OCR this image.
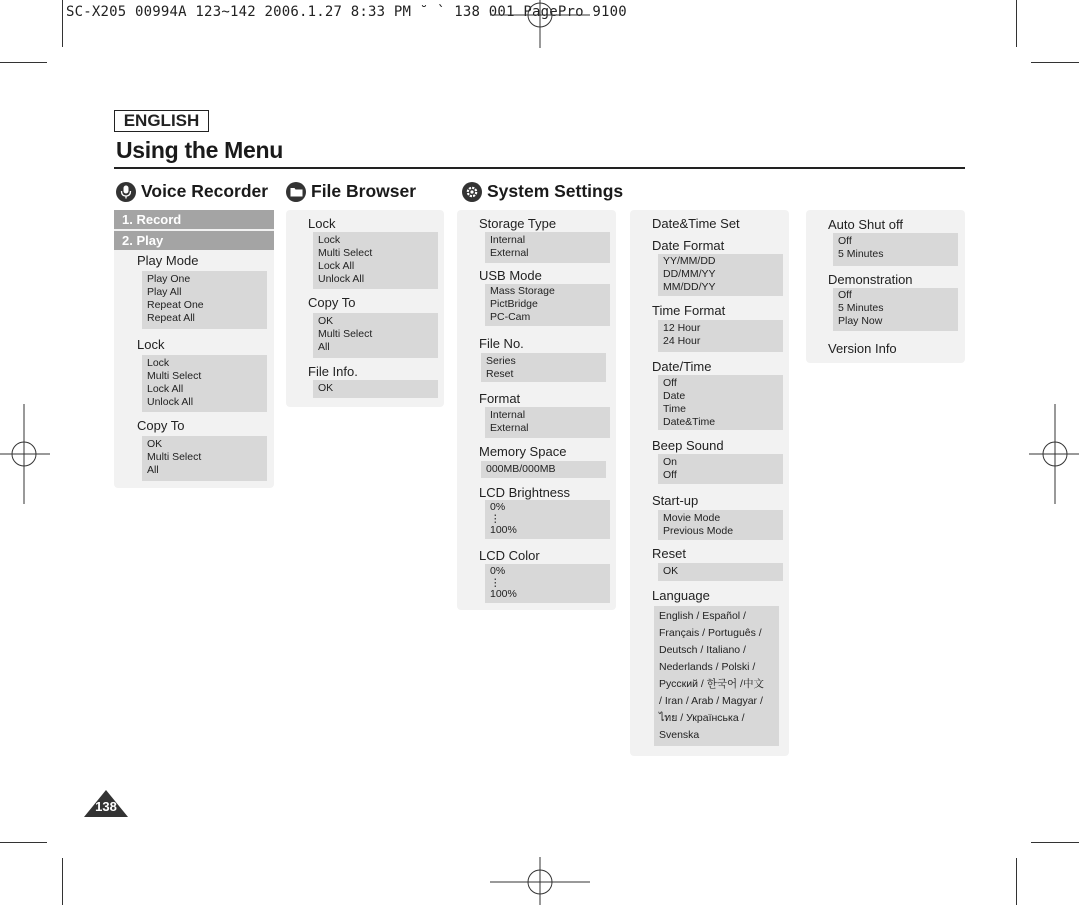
SC-X205 00994A 123~142 2006.1.27 8:33 PM ˘ ` 138 001 PagePro 9100
ENGLISH
Using the Menu
Voice Recorder File Browser	System Settings
1. Record
2. Play
Play Mode
Play One
Play All
Repeat One
Repeat All
Lock
Lock
Multi Select
Lock All
Unlock All
Copy To
OK
Multi Select
All
Lock
Lock
Multi Select
Lock All
Unlock All
Copy To
OK
Multi Select
All
File Info.
OK
Storage Type
Internal
External
USB Mode
Mass Storage
PictBridge
PC-Cam
File No.
Series
Reset
Format
Internal
External
Memory Space
000MB/000MB
LCD Brightness
0%
⋮
100%
LCD Color
0%
⋮
100%
Date&Time Set
Date Format
YY/MM/DD
DD/MM/YY
MM/DD/YY
Time Format
12 Hour
24 Hour
Date/Time
Off
Date
Time
Date&Time
Beep Sound
On
Off
Start-up
Movie Mode
Previous Mode
Reset
OK
Language
English / Español /
Français / Português /
Deutsch / Italiano /
Nederlands / Polski /
Русский / 한국어 /中文
/ Iran / Arab / Magyar /
ไทย / Українська /
Svenska
Auto Shut off
Off
5 Minutes
Demonstration
Off
5 Minutes
Play Now
Version Info
138
